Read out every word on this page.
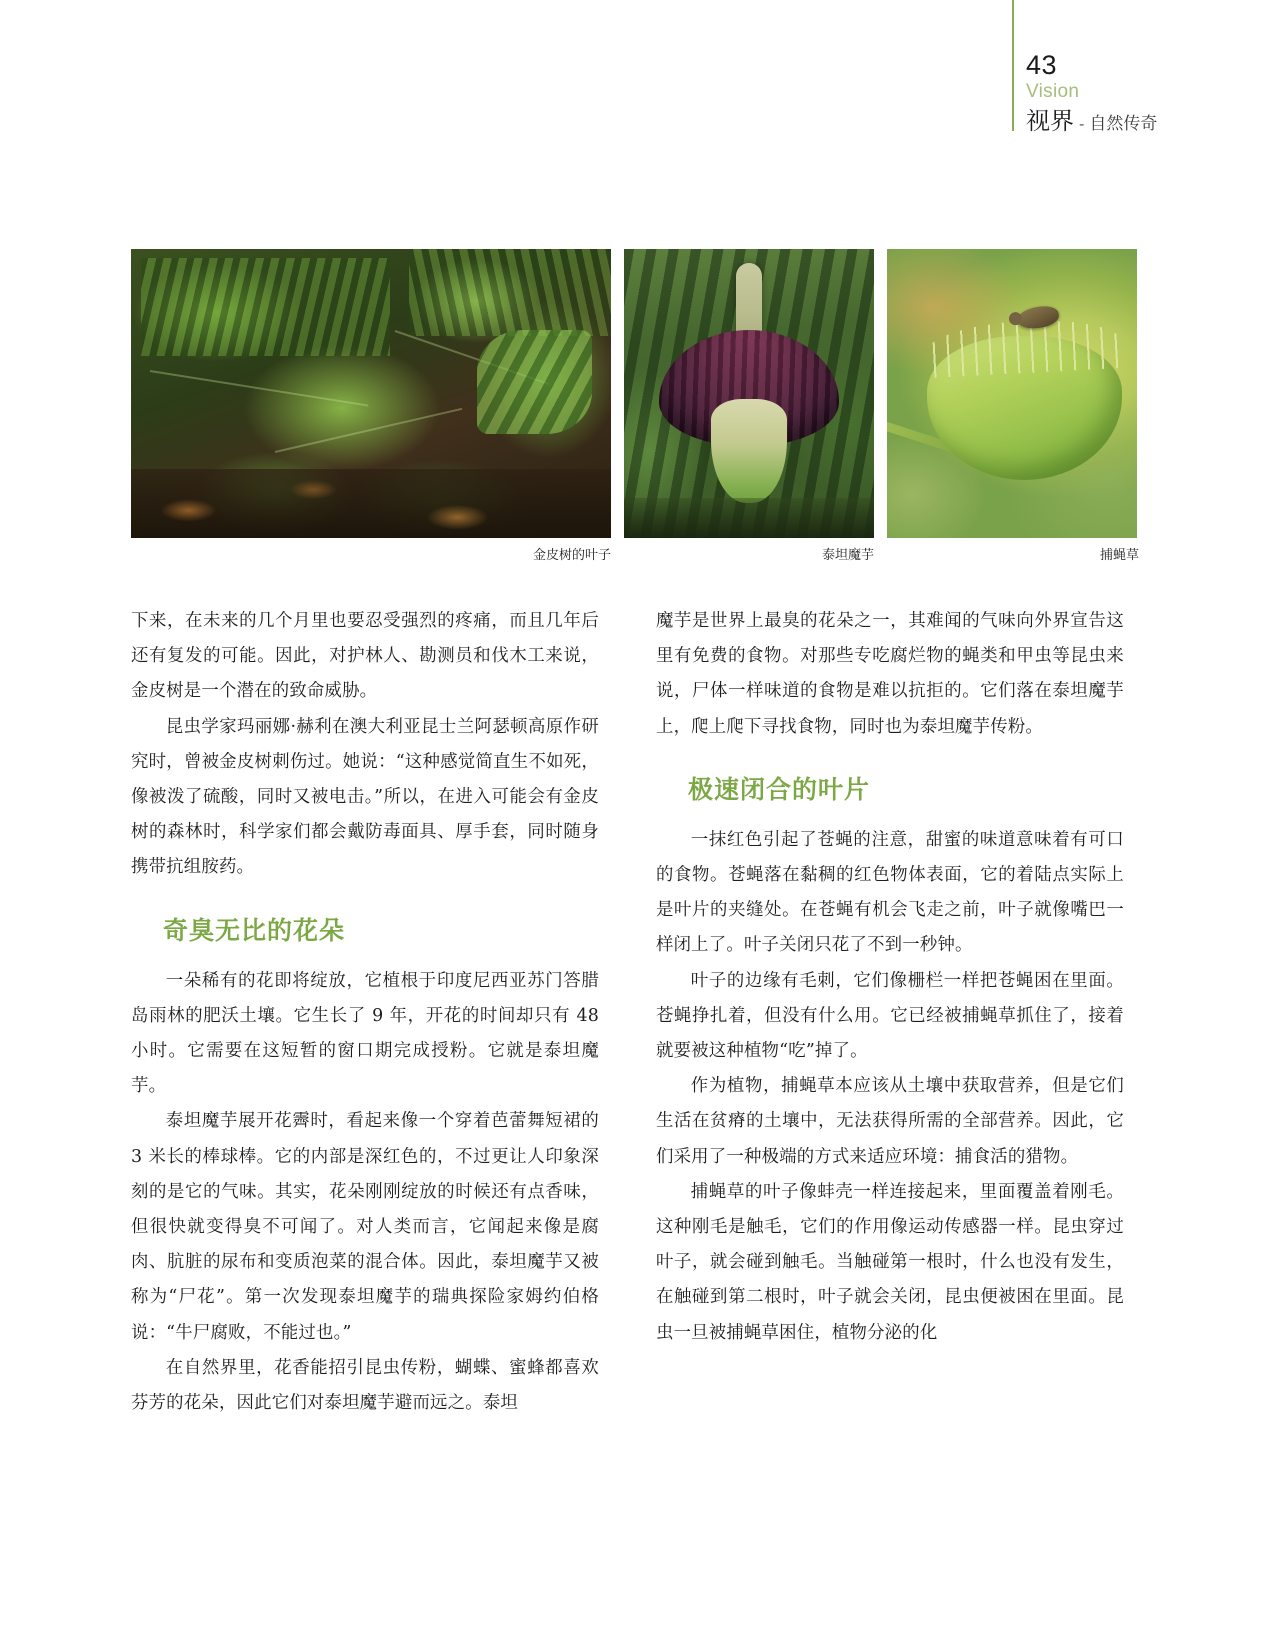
43
Vision
视界 - 自然传奇
金皮树的叶子	泰坦魔芋	捕蝇草

下来，在未来的几个月里也要忍受强烈的疼痛，而且几年后还有复发的可能。因此，对护林人、勘测员和伐木工来说，金皮树是一个潜在的致命威胁。

昆虫学家玛丽娜·赫利在澳大利亚昆士兰阿瑟顿高原作研究时，曾被金皮树刺伤过。她说：“这种感觉简直生不如死，像被泼了硫酸，同时又被电击。”所以，在进入可能会有金皮树的森林时，科学家们都会戴防毒面具、厚手套，同时随身携带抗组胺药。

奇臭无比的花朵

一朵稀有的花即将绽放，它植根于印度尼西亚苏门答腊岛雨林的肥沃土壤。它生长了 9 年，开花的时间却只有 48 小时。它需要在这短暂的窗口期完成授粉。它就是泰坦魔芋。

泰坦魔芋展开花霽时，看起来像一个穿着芭蕾舞短裙的 3 米长的棒球棒。它的内部是深红色的，不过更让人印象深刻的是它的气味。其实，花朵刚刚绽放的时候还有点香味，但很快就变得臭不可闻了。对人类而言，它闻起来像是腐肉、肮脏的尿布和变质泡菜的混合体。因此，泰坦魔芋又被称为“尸花”。第一次发现泰坦魔芋的瑞典探险家姆约伯格说：“牛尸腐败，不能过也。”

在自然界里，花香能招引昆虫传粉，蝴蝶、蜜蜂都喜欢芬芳的花朵，因此它们对泰坦魔芋避而远之。泰坦

魔芋是世界上最臭的花朵之一，其难闻的气味向外界宣告这里有免费的食物。对那些专吃腐烂物的蝇类和甲虫等昆虫来说，尸体一样味道的食物是难以抗拒的。它们落在泰坦魔芋上，爬上爬下寻找食物，同时也为泰坦魔芋传粉。

极速闭合的叶片

一抹红色引起了苍蝇的注意，甜蜜的味道意味着有可口的食物。苍蝇落在黏稠的红色物体表面，它的着陆点实际上是叶片的夹缝处。在苍蝇有机会飞走之前，叶子就像嘴巴一样闭上了。叶子关闭只花了不到一秒钟。

叶子的边缘有毛刺，它们像栅栏一样把苍蝇困在里面。苍蝇挣扎着，但没有什么用。它已经被捕蝇草抓住了，接着就要被这种植物“吃”掉了。

作为植物，捕蝇草本应该从土壤中获取营养，但是它们生活在贫瘠的土壤中，无法获得所需的全部营养。因此，它们采用了一种极端的方式来适应环境：捕食活的猎物。

捕蝇草的叶子像蚌壳一样连接起来，里面覆盖着刚毛。这种刚毛是触毛，它们的作用像运动传感器一样。昆虫穿过叶子，就会碰到触毛。当触碰第一根时，什么也没有发生，在触碰到第二根时，叶子就会关闭，昆虫便被困在里面。昆虫一旦被捕蝇草困住，植物分泌的化
